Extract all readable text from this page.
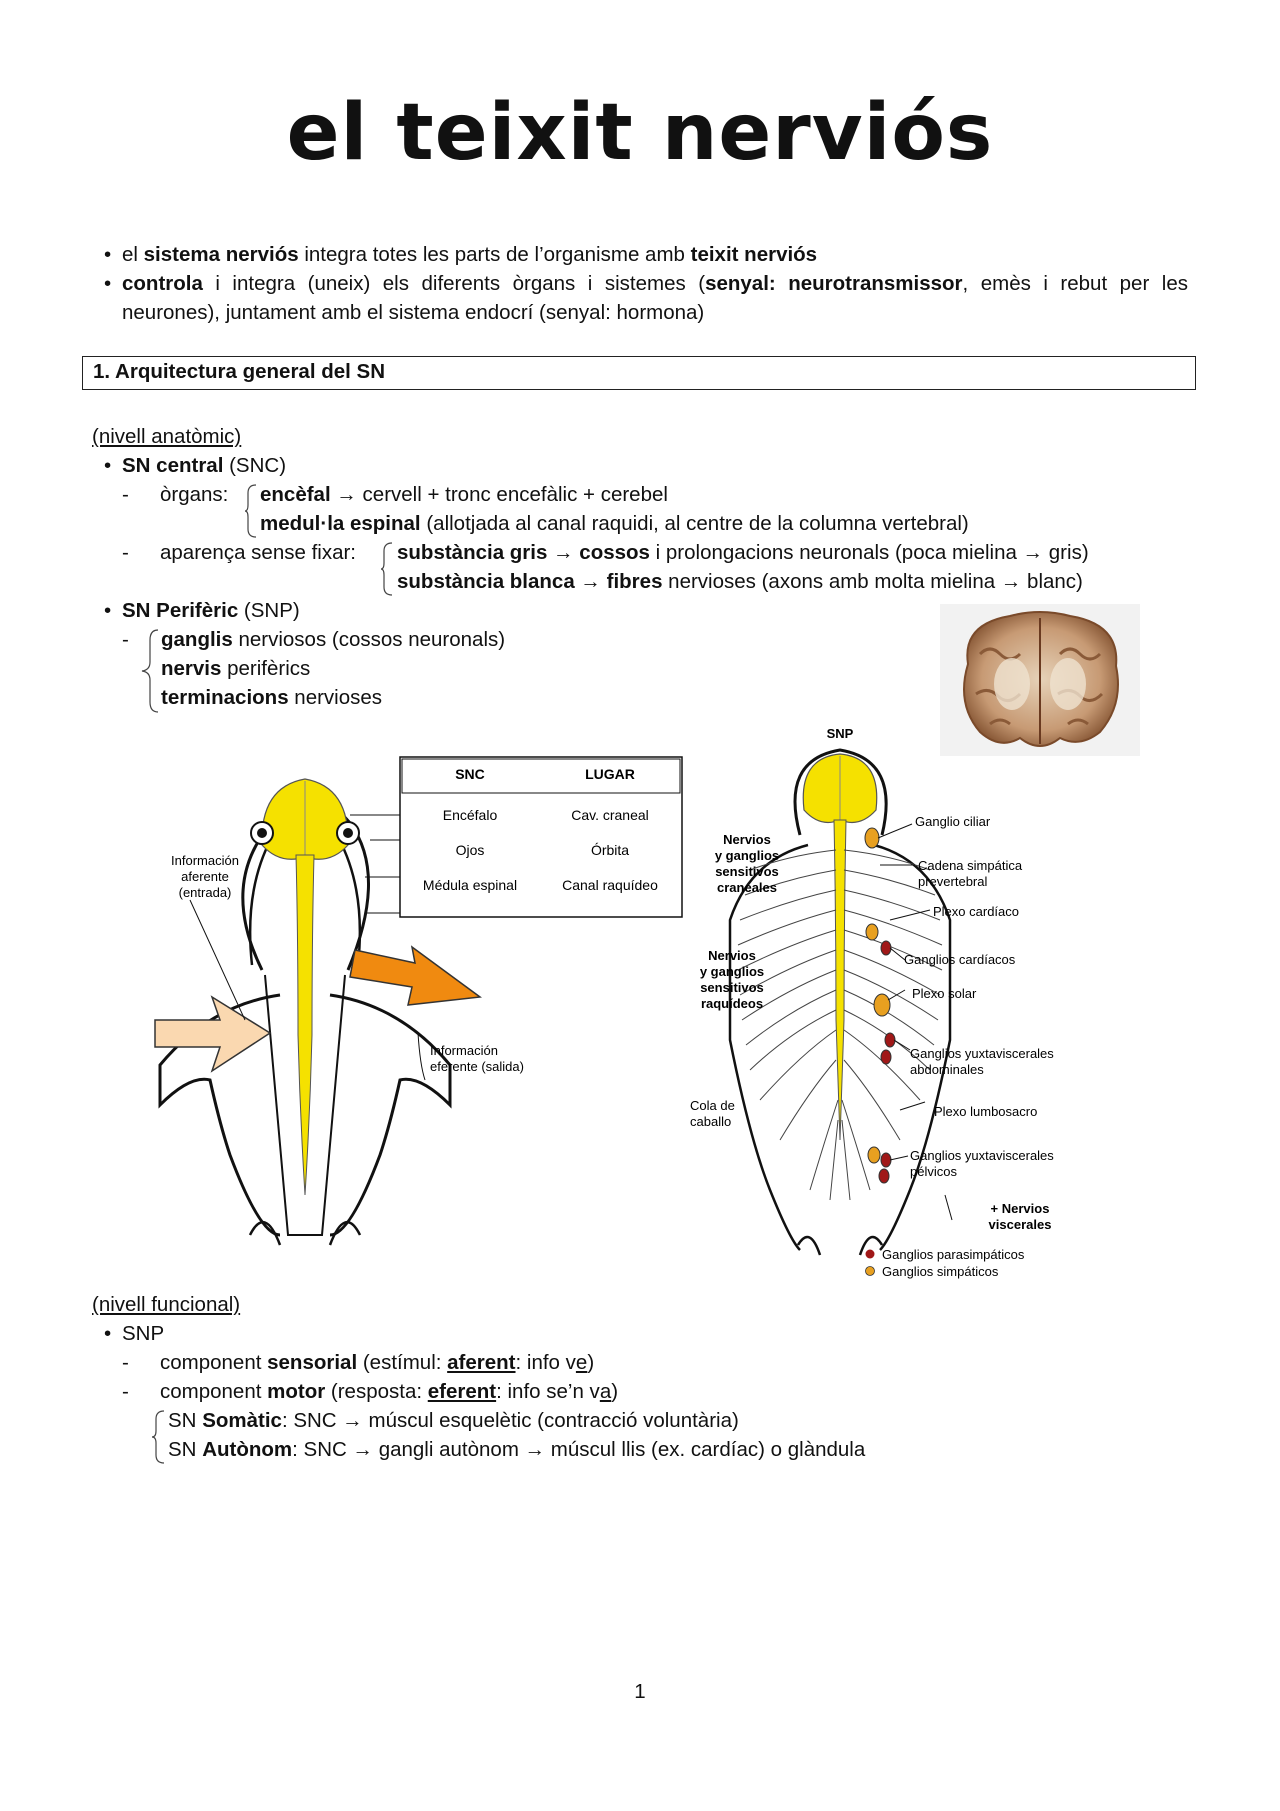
el teixit nerviós
• el sistema nerviós integra totes les parts de l’organisme amb teixit nerviós
• controla i integra (uneix) els diferents òrgans i sistemes (senyal: neurotransmissor, emès i rebut per les
neurones), juntament amb el sistema endocrí (senyal: hormona)
1. Arquitectura general del SN
(nivell anatòmic)
• SN central (SNC)
- òrgans: encèfal → cervell + tronc encefàlic + cerebel
medul·la espinal (allotjada al canal raquidi, al centre de la columna vertebral)
- aparença sense fixar: substància gris → cossos i prolongacions neuronals (poca mielina → gris)
substància blanca → fibres nervioses (axons amb molta mielina → blanc)
• SN Perifèric (SNP)
- ganglis nerviosos (cossos neuronals)
nervis perifèrics
terminacions nervioses
SNC	LUGAR
Encéfalo	Cav. craneal
Ojos	Órbita
Médula espinal	Canal raquídeo
Información
aferente
(entrada)
Información
eferente (salida)
SNP
Nervios
y ganglios
sensitivos
craneales
Nervios
y ganglios
sensitivos
raquídeos
Cola de
caballo
Ganglio ciliar
Cadena simpática
prevertebral
Plexo cardíaco
Ganglios cardíacos
Plexo solar
Ganglios yuxtaviscerales
abdominales
Plexo lumbosacro
Ganglios yuxtaviscerales
pélvicos
+ Nervios
viscerales
Ganglios parasimpáticos
Ganglios simpáticos
(nivell funcional)
• SNP
- component sensorial (estímul: aferent: info ve)
- component motor (resposta: eferent: info se’n va)
SN Somàtic: SNC → múscul esquelètic (contracció voluntària)
SN Autònom: SNC → gangli autònom → múscul llis (ex. cardíac) o glàndula
1
